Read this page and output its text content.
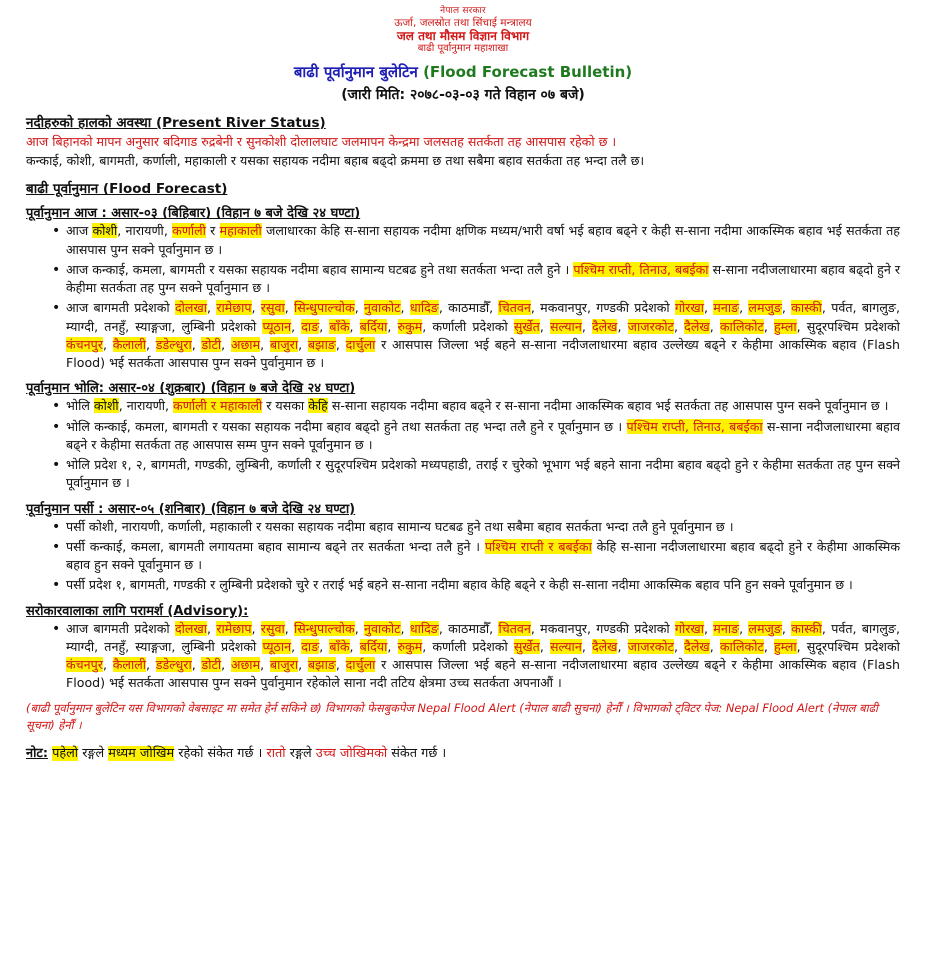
नेपाल सरकार
ऊर्जा, जलस्रोत तथा सिंचाई मन्त्रालय
जल तथा मौसम विज्ञान विभाग
बाढी पूर्वानुमान महाशाखा
बाढी पूर्वानुमान बुलेटिन (Flood Forecast Bulletin)
(जारी मिति: २०७८-०३-०३ गते विहान ०७ बजे)
नदीहरुको हालको अवस्था (Present River Status)
आज बिहानको मापन अनुसार बदिगाड रुद्रबेनी र सुनकोशी दोलालघाट जलमापन केन्द्रमा जलसतह सतर्कता तह आसपास रहेको छ ।
कन्काई, कोशी, बागमती, कर्णाली, महाकाली र यसका सहायक नदीमा बहाब बढ्दो क्रममा छ तथा सबैमा बहाव सतर्कता तह भन्दा तलै छ।
बाढी पूर्वानुमान (Flood Forecast)
पूर्वानुमान आज : असार-०३ (बिहिबार) (विहान ७ बजे देखि २४ घण्टा)
• आज कोशी, नारायणी, कर्णाली र महाकाली जलाधारका केहि स-साना सहायक नदीमा क्षणिक मध्यम/भारी वर्षा भई बहाव बढ्ने र केही स-साना नदीमा आकस्मिक बहाव भई सतर्कता तह आसपास पुग्न सक्ने पूर्वानुमान छ ।
• आज कन्काई, कमला, बागमती र यसका सहायक नदीमा बहाव सामान्य घटबढ हुने तथा सतर्कता भन्दा तलै हुने । पश्चिम राप्ती, तिनाउ, बबईका स-साना नदीजलाधारमा बहाव बढ्दो हुने र केहीमा सतर्कता तह पुग्न सक्ने पूर्वानुमान छ ।
• आज बागमती प्रदेशको दोलखा, रामेछाप, रसुवा, सिन्धुपाल्चोक, नुवाकोट, धादिङ, काठमाडौँ, चितवन, मकवानपुर, गण्डकी प्रदेशको गोरखा, मनाङ, लमजुङ, कास्की, पर्वत, बागलुङ, म्याग्दी, तनहुँ, स्याङ्गजा, लुम्बिनी प्रदेशको प्यूठान, दाङ, बाँके, बर्दिया, रुकुम, कर्णाली प्रदेशको सुर्खेत, सल्यान, दैलेख, जाजरकोट, दैलेख, कालिकोट, हुम्ला, सुदूरपश्चिम प्रदेशको कंचनपुर, कैलाली, डडेल्धुरा, डोटी, अछाम, बाजुरा, बझाङ, दार्चुला र आसपास जिल्ला भई बहने स-साना नदीजलाधारमा बहाव उल्लेख्य बढ्ने र केहीमा आकस्मिक बहाव (Flash Flood) भई सतर्कता आसपास पुग्न सक्ने पुर्वानुमान छ ।
पूर्वानुमान भोलि: असार-०४ (शुक्रबार) (विहान ७ बजे देखि २४ घण्टा)
• भोलि कोशी, नारायणी, कर्णाली र महाकाली र यसका केहि स-साना सहायक नदीमा बहाव बढ्ने र स-साना नदीमा आकस्मिक बहाव भई सतर्कता तह आसपास पुग्न सक्ने पूर्वानुमान छ ।
• भोलि कन्काई, कमला, बागमती र यसका सहायक नदीमा बहाव बढ्दो हुने तथा सतर्कता तह भन्दा तलै हुने र पूर्वानुमान छ । पश्चिम राप्ती, तिनाउ, बबईका स-साना नदीजलाधारमा बहाव बढ्ने र केहीमा सतर्कता तह आसपास सम्म पुग्न सक्ने पूर्वानुमान छ ।
• भोलि प्रदेश १, २, बागमती, गण्डकी, लुम्बिनी, कर्णाली र सुदूरपश्चिम प्रदेशको मध्यपहाडी, तराई र चुरेको भूभाग भई बहने साना नदीमा बहाव बढ्दो हुने र केहीमा सतर्कता तह पुग्न सक्ने पूर्वानुमान छ ।
पूर्वानुमान पर्सी : असार-०५ (शनिबार) (विहान ७ बजे देखि २४ घण्टा)
• पर्सी कोशी, नारायणी, कर्णाली, महाकाली र यसका सहायक नदीमा बहाव सामान्य घटबढ हुने तथा सबैमा बहाव सतर्कता भन्दा तलै हुने पूर्वानुमान छ ।
• पर्सी कन्काई, कमला, बागमती लगायतमा बहाव सामान्य बढ्ने तर सतर्कता भन्दा तलै हुने । पश्चिम राप्ती र बबईका केहि स-साना नदीजलाधारमा बहाव बढ्दो हुने र केहीमा आकस्मिक बहाव हुन सक्ने पूर्वानुमान छ ।
• पर्सी प्रदेश १, बागमती, गण्डकी र लुम्बिनी प्रदेशको चुरे र तराई भई बहने स-साना नदीमा बहाव केहि बढ्ने र केही स-साना नदीमा आकस्मिक बहाव पनि हुन सक्ने पूर्वानुमान छ ।
सरोकारवालाका लागि परामर्श (Advisory):
• आज बागमती प्रदेशको दोलखा, रामेछाप, रसुवा, सिन्धुपाल्चोक, नुवाकोट, धादिङ, काठमाडौँ, चितवन, मकवानपुर, गण्डकी प्रदेशको गोरखा, मनाङ, लमजुङ, कास्की, पर्वत, बागलुङ, म्याग्दी, तनहुँ, स्याङ्गजा, लुम्बिनी प्रदेशको प्यूठान, दाङ, बाँके, बर्दिया, रुकुम, कर्णाली प्रदेशको सुर्खेत, सल्यान, दैलेख, जाजरकोट, दैलेख, कालिकोट, हुम्ला, सुदूरपश्चिम प्रदेशको कंचनपुर, कैलाली, डडेल्धुरा, डोटी, अछाम, बाजुरा, बझाङ, दार्चुला र आसपास जिल्ला भई बहने स-साना नदीजलाधारमा बहाव उल्लेख्य बढ्ने र केहीमा आकस्मिक बहाव (Flash Flood) भई सतर्कता आसपास पुग्न सक्ने पुर्वानुमान रहेकोले साना नदी तटिय क्षेत्रमा उच्च सतर्कता अपनाऔं ।
(बाढी पूर्वानुमान बुलेटिन यस विभागको वेबसाइट मा समेत हेर्न सकिने छ) विभागको फेसबुकपेज Nepal Flood Alert (नेपाल बाढी सुचना) हेर्नौं । विभागको ट्विटर पेज: Nepal Flood Alert (नेपाल बाढी सूचना) हेर्नौं ।
नोट: पहेलो रङ्गले मध्यम जोखिम रहेको संकेत गर्छ । रातो रङ्गले उच्च जोखिमको संकेत गर्छ ।
